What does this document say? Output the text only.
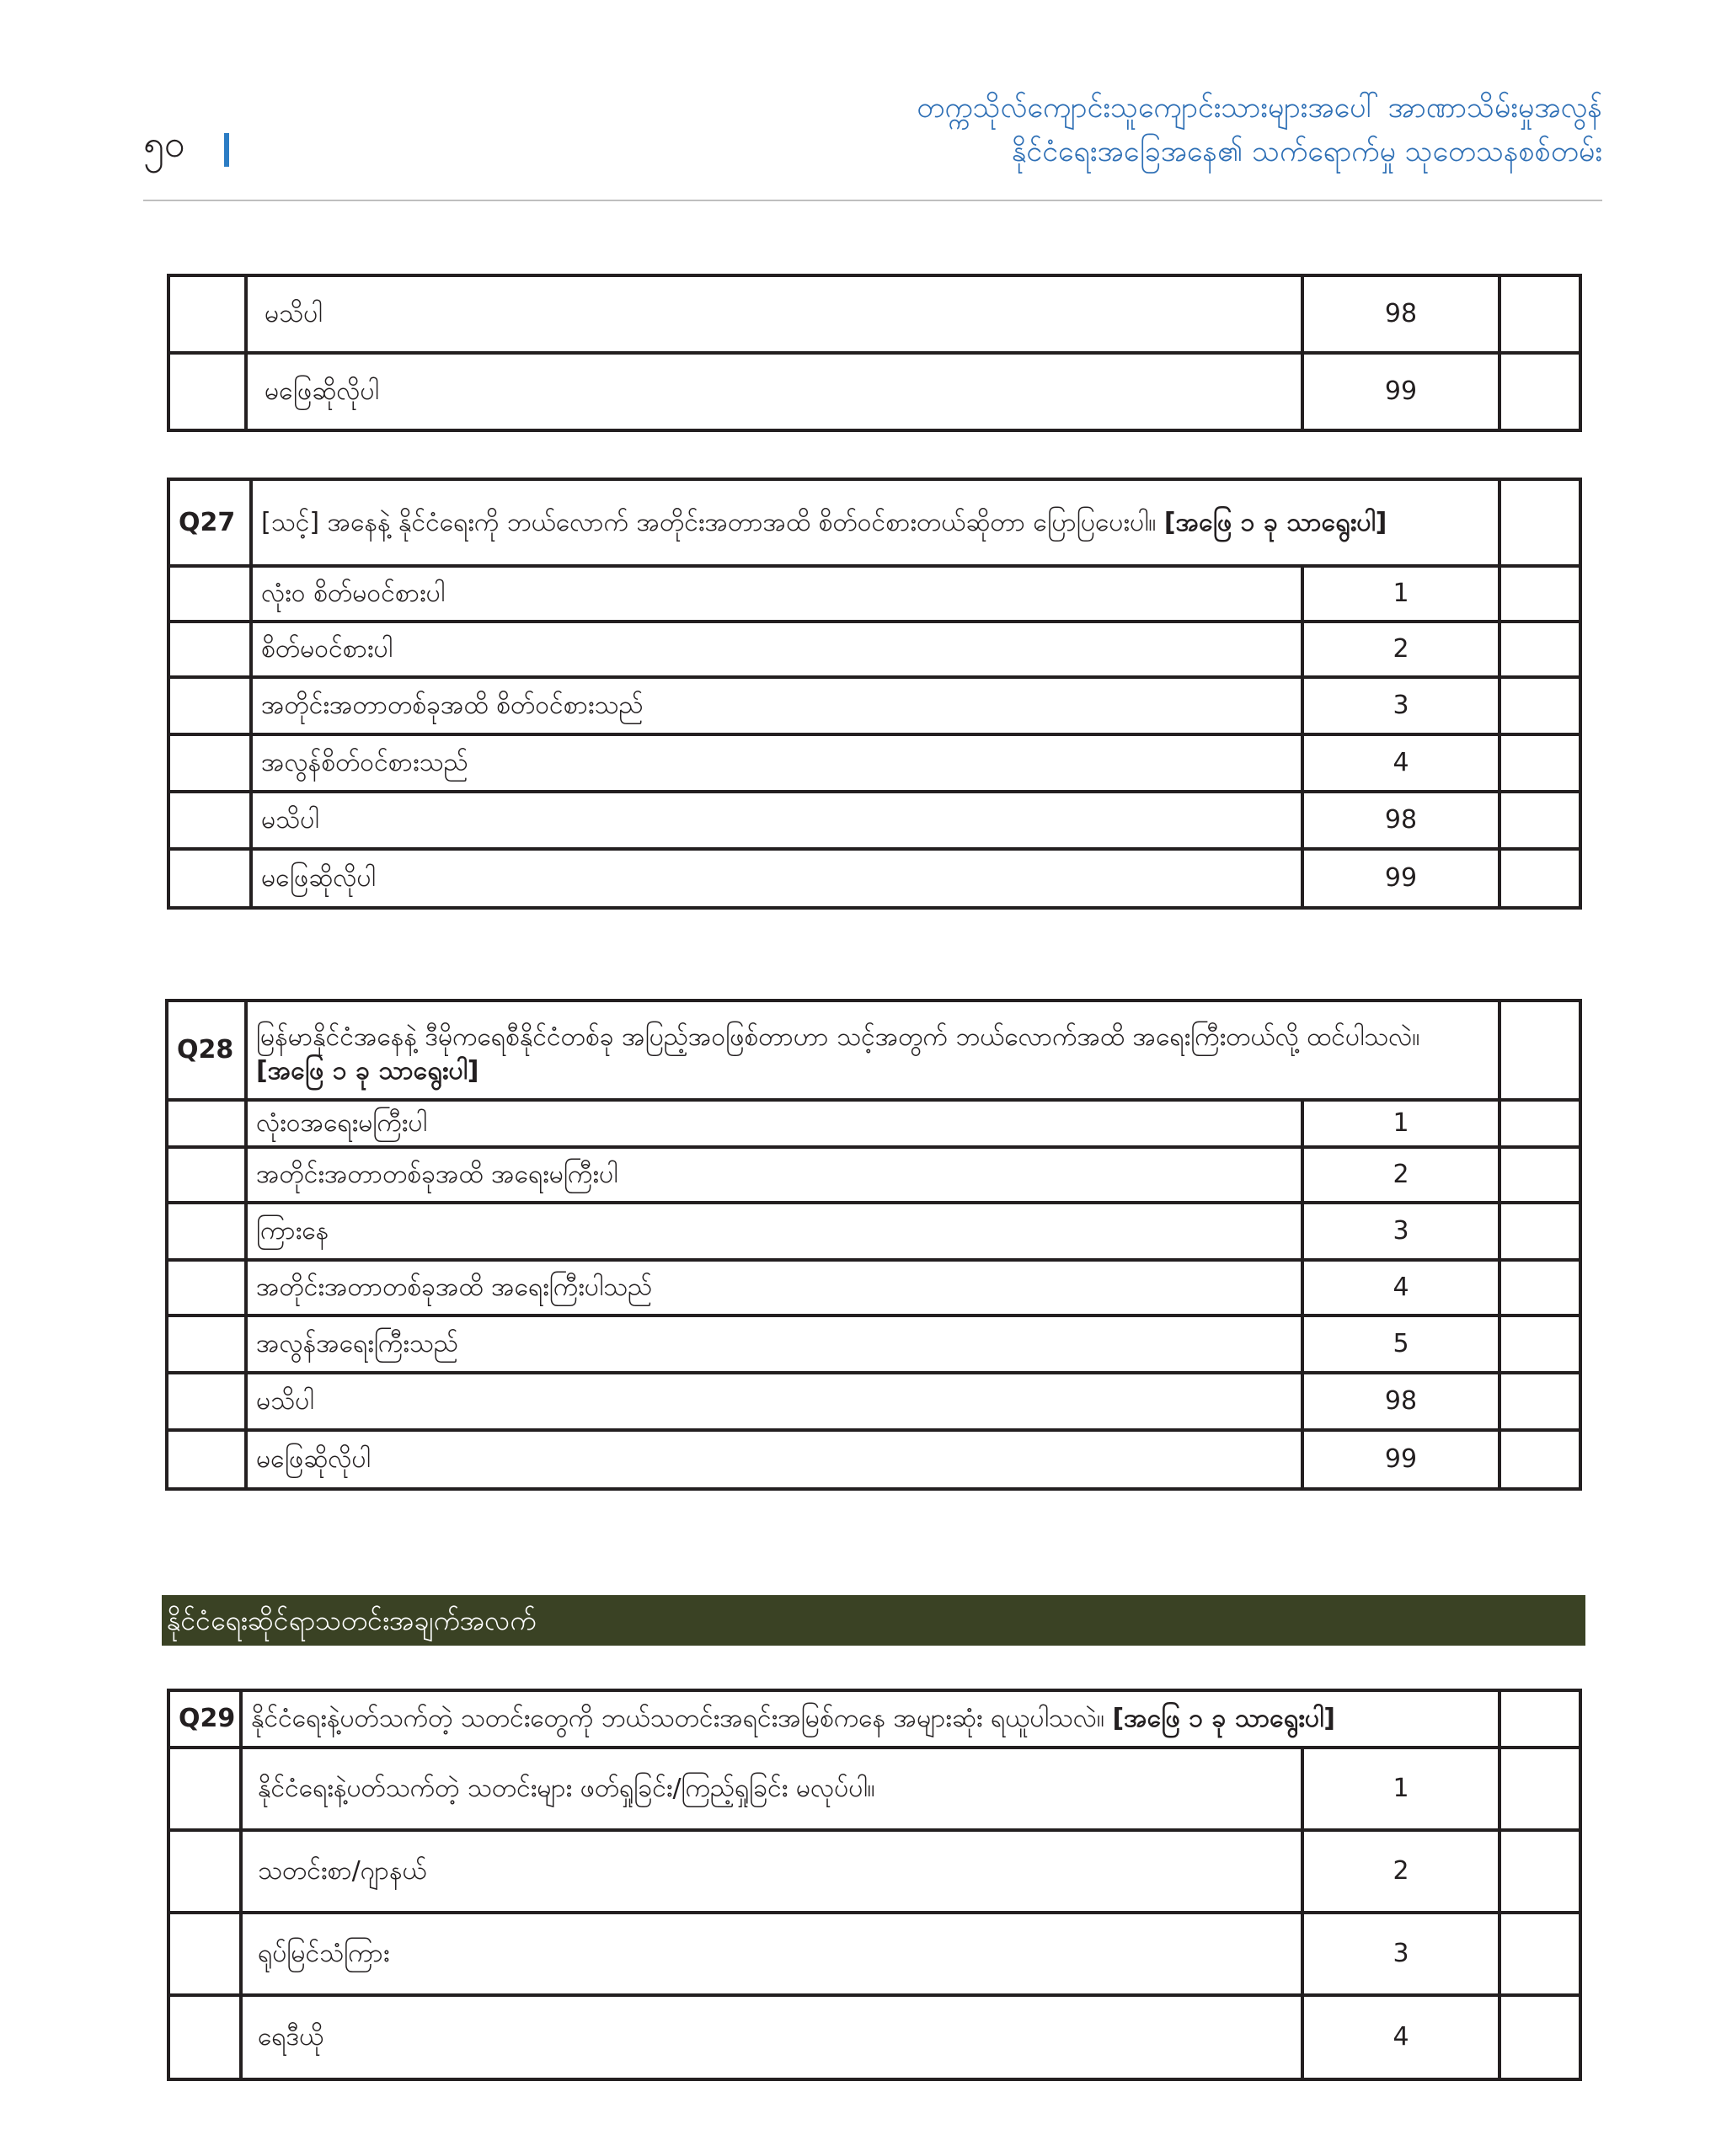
၅၀
တက္ကသိုလ်ကျောင်းသူကျောင်းသားများအပေါ် အာဏာသိမ်းမှုအလွန်
နိုင်ငံရေးအခြေအနေ၏ သက်ရောက်မှု သုတေသနစစ်တမ်း
	မသိပါ	98	
	မဖြေဆိုလိုပါ	99	
Q27	[သင့်] အနေနဲ့ နိုင်ငံရေးကို ဘယ်လောက် အတိုင်းအတာအထိ စိတ်ဝင်စားတယ်ဆိုတာ ပြောပြပေးပါ။ [အဖြေ ၁ ခု သာရွေးပါ]		
	လုံးဝ စိတ်မဝင်စားပါ	1	
	စိတ်မဝင်စားပါ	2	
	အတိုင်းအတာတစ်ခုအထိ စိတ်ဝင်စားသည်	3	
	အလွန်စိတ်ဝင်စားသည်	4	
	မသိပါ	98	
	မဖြေဆိုလိုပါ	99	
Q28	မြန်မာနိုင်ငံအနေနဲ့ ဒီမိုကရေစီနိုင်ငံတစ်ခု အပြည့်အဝဖြစ်တာဟာ သင့်အတွက် ဘယ်လောက်အထိ အရေးကြီးတယ်လို့ ထင်ပါသလဲ။ [အဖြေ ၁ ခု သာရွေးပါ]		
	လုံးဝအရေးမကြီးပါ	1	
	အတိုင်းအတာတစ်ခုအထိ အရေးမကြီးပါ	2	
	ကြားနေ	3	
	အတိုင်းအတာတစ်ခုအထိ အရေးကြီးပါသည်	4	
	အလွန်အရေးကြီးသည်	5	
	မသိပါ	98	
	မဖြေဆိုလိုပါ	99	
နိုင်ငံရေးဆိုင်ရာသတင်းအချက်အလက်
Q29	နိုင်ငံရေးနဲ့ပတ်သက်တဲ့ သတင်းတွေကို ဘယ်သတင်းအရင်းအမြစ်ကနေ အများဆုံး ရယူပါသလဲ။ [အဖြေ ၁ ခု သာရွေးပါ]		
	နိုင်ငံရေးနဲ့ပတ်သက်တဲ့ သတင်းများ ဖတ်ရှုခြင်း/ကြည့်ရှုခြင်း မလုပ်ပါ။	1	
	သတင်းစာ/ဂျာနယ်	2	
	ရုပ်မြင်သံကြား	3	
	ရေဒီယို	4	
